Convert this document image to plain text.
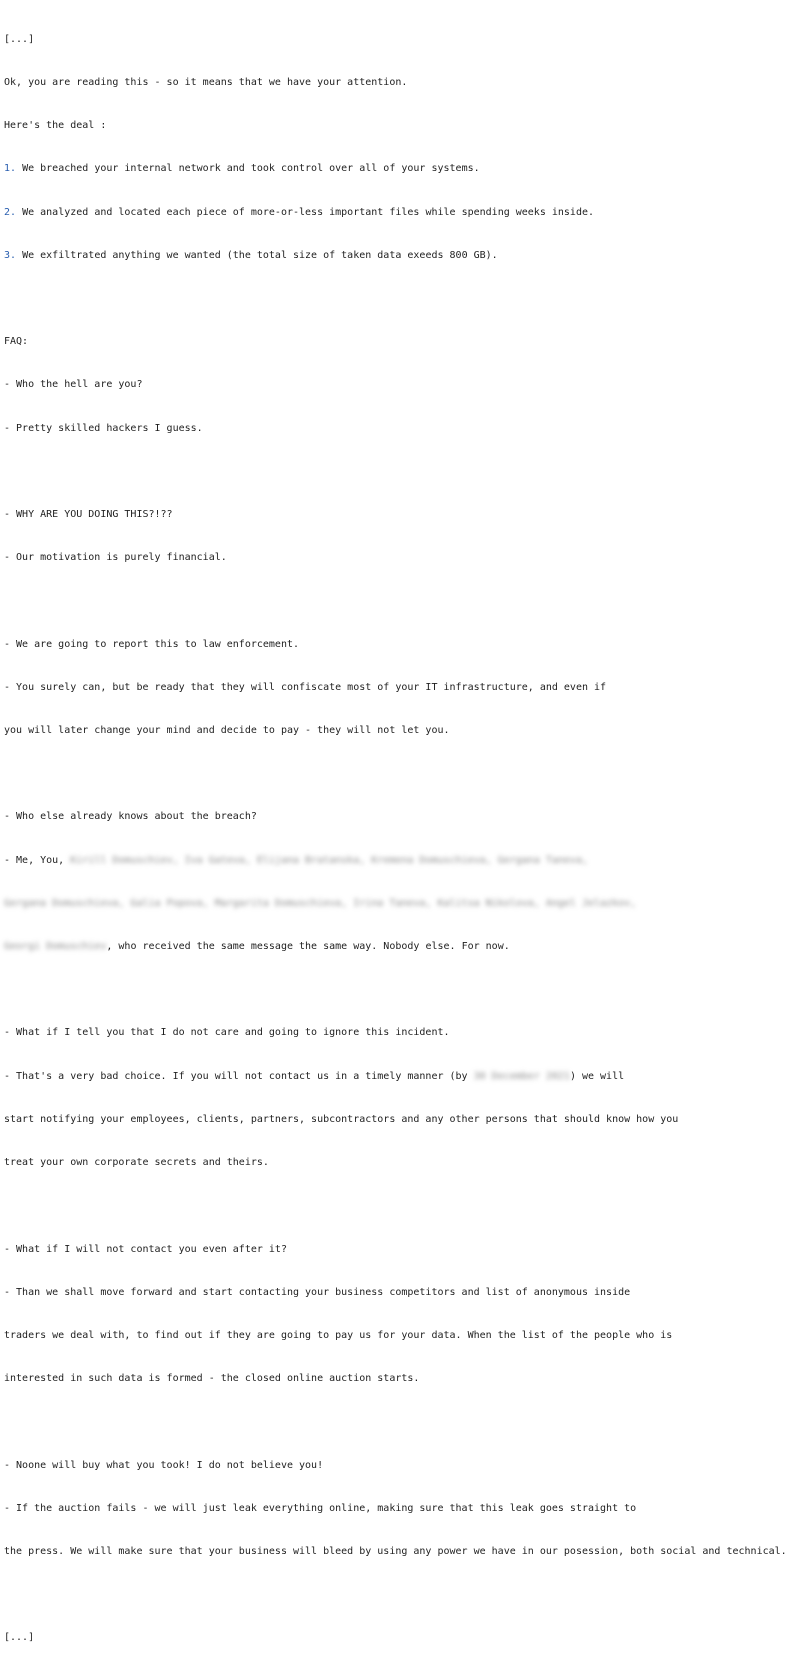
[...]

Ok, you are reading this - so it means that we have your attention.

Here's the deal :

1. We breached your internal network and took control over all of your systems.

2. We analyzed and located each piece of more-or-less important files while spending weeks inside.

3. We exfiltrated anything we wanted (the total size of taken data exeeds 800 GB).

FAQ:

- Who the hell are you?

- Pretty skilled hackers I guess.

- WHY ARE YOU DOING THIS?!??

- Our motivation is purely financial.

- We are going to report this to law enforcement.

- You surely can, but be ready that they will confiscate most of your IT infrastructure, and even if

you will later change your mind and decide to pay - they will not let you.

- Who else already knows about the breach?

- Me, You, Kirill Domuschiev, Iva Gateva, Elijana Bratanska, Kremena Domuschieva, Gergana Taneva,

Gergana Domuschieva, Galia Popova, Margarita Domuschieva, Irina Taneva, Kalitsa Nikolova, Angel Jelazkov,

Georgi Domuschiev, who received the same message the same way. Nobody else. For now.

- What if I tell you that I do not care and going to ignore this incident.

- That's a very bad choice. If you will not contact us in a timely manner (by 30 December 2021) we will

start notifying your employees, clients, partners, subcontractors and any other persons that should know how you

treat your own corporate secrets and theirs.

- What if I will not contact you even after it?

- Than we shall move forward and start contacting your business competitors and list of anonymous inside

traders we deal with, to find out if they are going to pay us for your data. When the list of the people who is

interested in such data is formed - the closed online auction starts.

- Noone will buy what you took! I do not believe you!

- If the auction fails - we will just leak everything online, making sure that this leak goes straight to

the press. We will make sure that your business will bleed by using any power we have in our posession, both social and technical.

[...]
